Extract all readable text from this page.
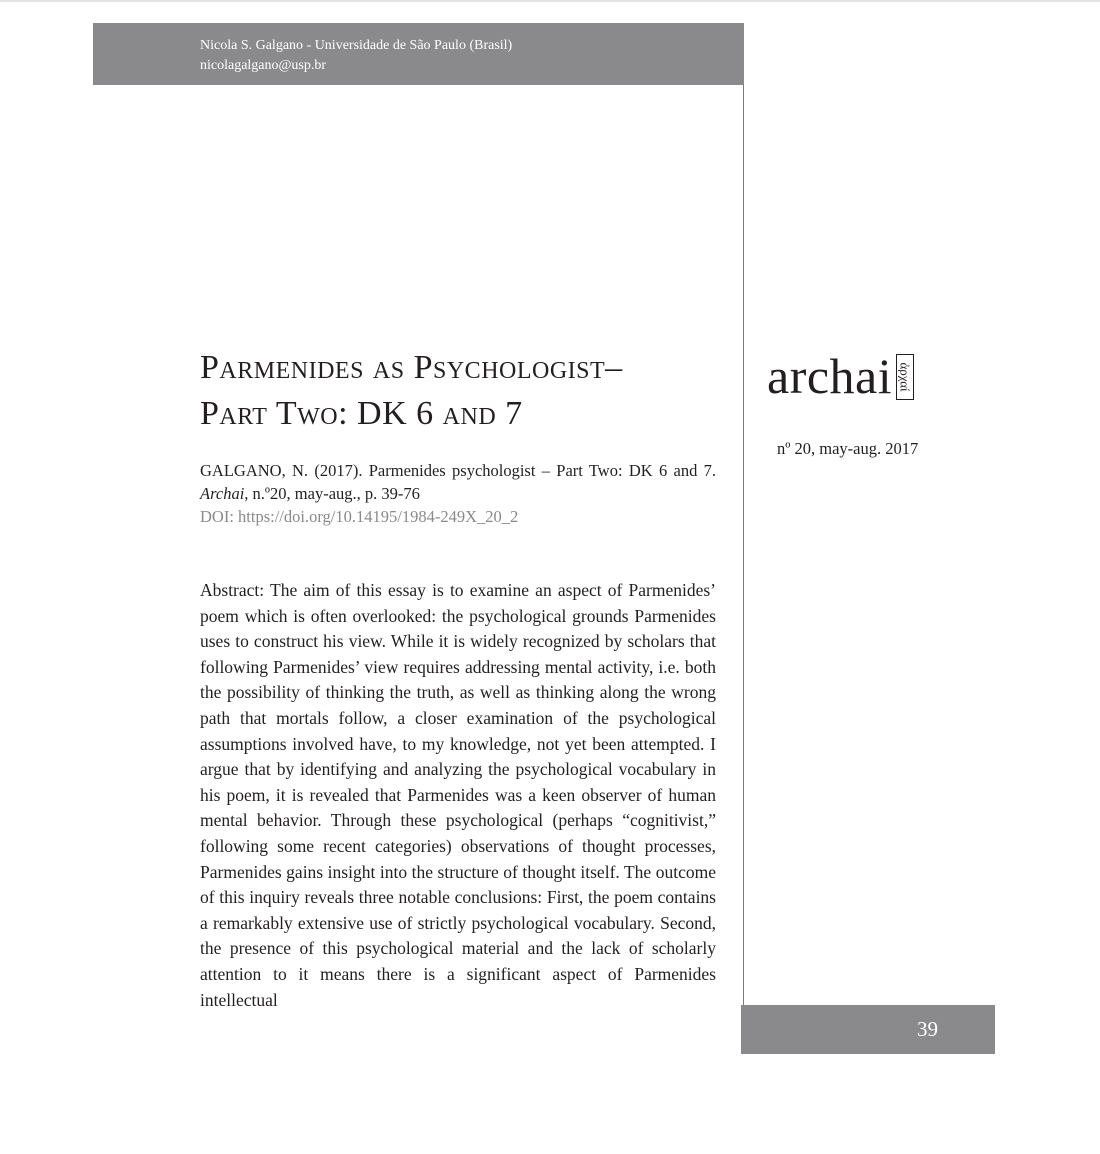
Nicola S. Galgano - Universidade de São Paulo (Brasil)
nicolagalgano@usp.br
Parmenides as Psychologist–
Part Two: DK 6 and 7
GALGANO, N. (2017). Parmenides psychologist – Part Two: DK 6 and 7. Archai, n.º20, may-aug., p. 39-76
DOI: https://doi.org/10.14195/1984-249X_20_2
Abstract: The aim of this essay is to examine an aspect of Parmenides’ poem which is often overlooked: the psychological grounds Parmenides uses to construct his view. While it is widely recognized by scholars that following Parmenides’ view requires addressing mental activity, i.e. both the possibility of thinking the truth, as well as thinking along the wrong path that mortals follow, a closer examination of the psychological assumptions involved have, to my knowledge, not yet been attempted. I argue that by identifying and analyzing the psychological vocabulary in his poem, it is revealed that Parmenides was a keen observer of human mental behavior. Through these psychological (perhaps “cognitivist,” following some recent categories) observations of thought processes, Parmenides gains insight into the structure of thought itself. The outcome of this inquiry reveals three notable conclusions: First, the poem contains a remarkably extensive use of strictly psychological vocabulary. Second, the presence of this psychological material and the lack of scholarly attention to it means there is a significant aspect of Parmenides intellectual
archai ἀρχαί
nº 20, may-aug. 2017
39
